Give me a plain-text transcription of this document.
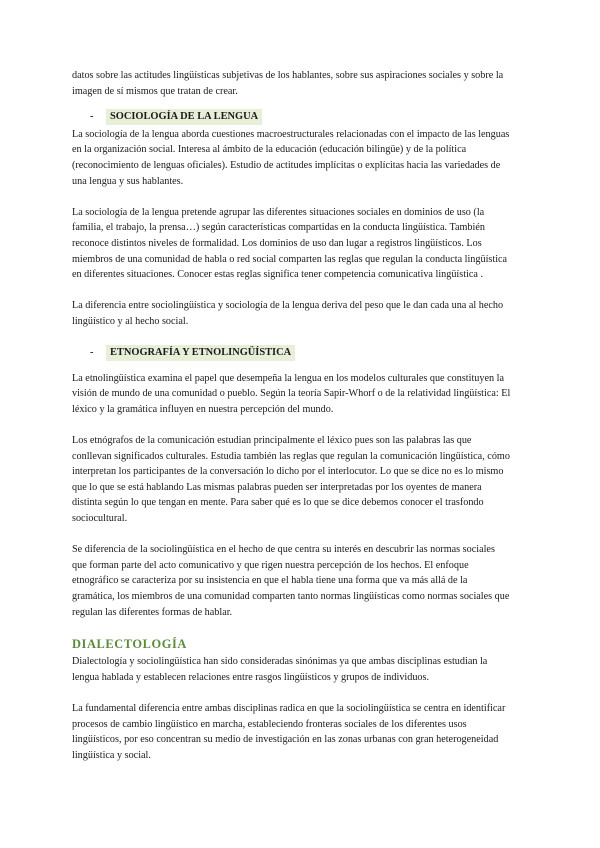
datos sobre las actitudes lingüísticas subjetivas de los hablantes, sobre sus aspiraciones sociales y sobre la imagen de sí mismos que tratan de crear.

-	SOCIOLOGÍA DE LA LENGUA

La sociología de la lengua aborda cuestiones macroestructurales relacionadas con el impacto de las lenguas en la organización social. Interesa al ámbito de la educación (educación bilingüe) y de la política (reconocimiento de lenguas oficiales). Estudio de actitudes implícitas o explícitas hacia las variedades de una lengua y sus hablantes.

La sociología de la lengua pretende agrupar las diferentes situaciones sociales en dominios de uso (la familia, el trabajo, la prensa…) según características compartidas en la conducta lingüística. También reconoce distintos niveles de formalidad. Los dominios de uso dan lugar a registros lingüísticos. Los miembros de una comunidad de habla o red social comparten las reglas que regulan la conducta lingüística en diferentes situaciones. Conocer estas reglas significa tener competencia comunicativa lingüística .

La diferencia entre sociolingüística y sociología de la lengua deriva del peso que le dan cada una al hecho lingüístico y al hecho social.

-	ETNOGRAFÍA Y ETNOLINGÜÍSTICA

La etnolingüística examina el papel que desempeña la lengua en los modelos culturales que constituyen la visión de mundo de una comunidad o pueblo. Según la teoría Sapir-Whorf o de la relatividad lingüística: El léxico y la gramática influyen en nuestra percepción del mundo.

Los etnógrafos de la comunicación estudian principalmente el léxico pues son las palabras las que conllevan significados culturales. Estudia también las reglas que regulan la comunicación lingüística, cómo interpretan los participantes de la conversación lo dicho por el interlocutor. Lo que se dice no es lo mismo que lo que se está hablando Las mismas palabras pueden ser interpretadas por los oyentes de manera distinta según lo que tengan en mente. Para saber qué es lo que se dice debemos conocer el trasfondo sociocultural.

Se diferencia de la sociolingüística en el hecho de que centra su interés en descubrir las normas sociales que forman parte del acto comunicativo y que rigen nuestra percepción de los hechos. El enfoque etnográfico se caracteriza por su insistencia en que el habla tiene una forma que va más allá de la gramática, los miembros de una comunidad comparten tanto normas lingüísticas como normas sociales que regulan las diferentes formas de hablar.

DIALECTOLOGÍA

Dialectología y sociolingüística han sido consideradas sinónimas ya que ambas disciplinas estudian la lengua hablada y establecen relaciones entre rasgos lingüísticos y grupos de individuos.

La fundamental diferencia entre ambas disciplinas radica en que la sociolingüística se centra en identificar procesos de cambio lingüístico en marcha, estableciendo fronteras sociales de los diferentes usos lingüísticos, por eso concentran su medio de investigación en las zonas urbanas con gran heterogeneidad lingüística y social.
